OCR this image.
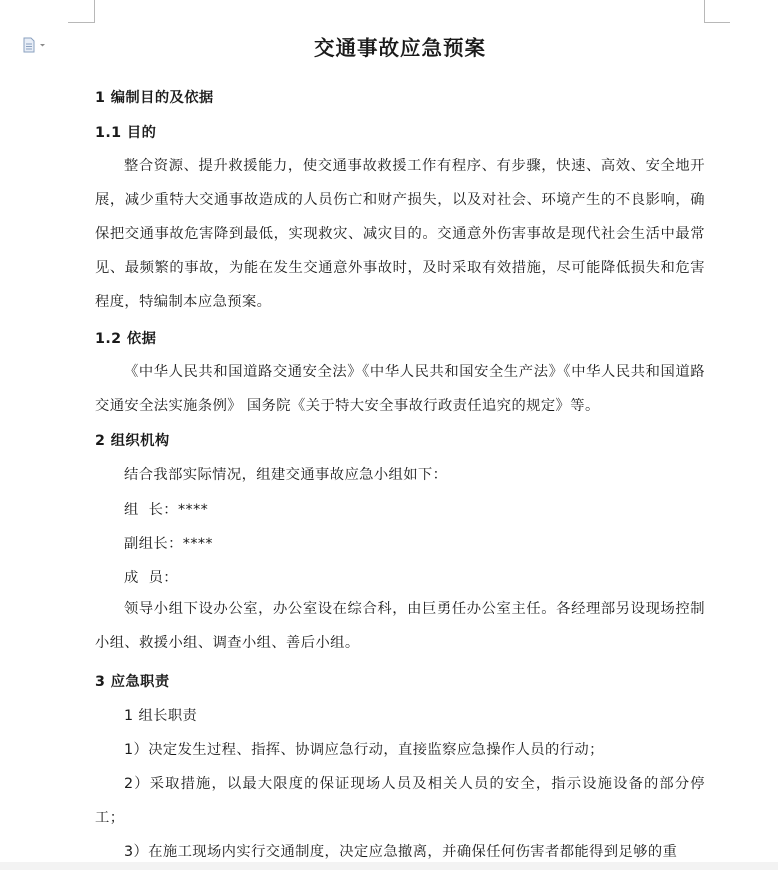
交通事故应急预案

1 编制目的及依据

1.1 目的

整合资源、提升救援能力，使交通事故救援工作有程序、有步骤，快速、高效、安全地开展，减少重特大交通事故造成的人员伤亡和财产损失，以及对社会、环境产生的不良影响，确保把交通事故危害降到最低，实现救灾、减灾目的。交通意外伤害事故是现代社会生活中最常见、最频繁的事故，为能在发生交通意外事故时，及时采取有效措施，尽可能降低损失和危害程度，特编制本应急预案。

1.2 依据

《中华人民共和国道路交通安全法》《中华人民共和国安全生产法》《中华人民共和国道路交通安全法实施条例》 国务院《关于特大安全事故行政责任追究的规定》等。

2 组织机构

结合我部实际情况，组建交通事故应急小组如下：

组  长：****

副组长：****

成  员：

领导小组下设办公室，办公室设在综合科，由巨勇任办公室主任。各经理部另设现场控制小组、救援小组、调查小组、善后小组。

3 应急职责

1 组长职责

1）决定发生过程、指挥、协调应急行动，直接监察应急操作人员的行动；

2）采取措施，以最大限度的保证现场人员及相关人员的安全，指示设施设备的部分停工；

3）在施工现场内实行交通制度，决定应急撤离，并确保任何伤害者都能得到足够的重
